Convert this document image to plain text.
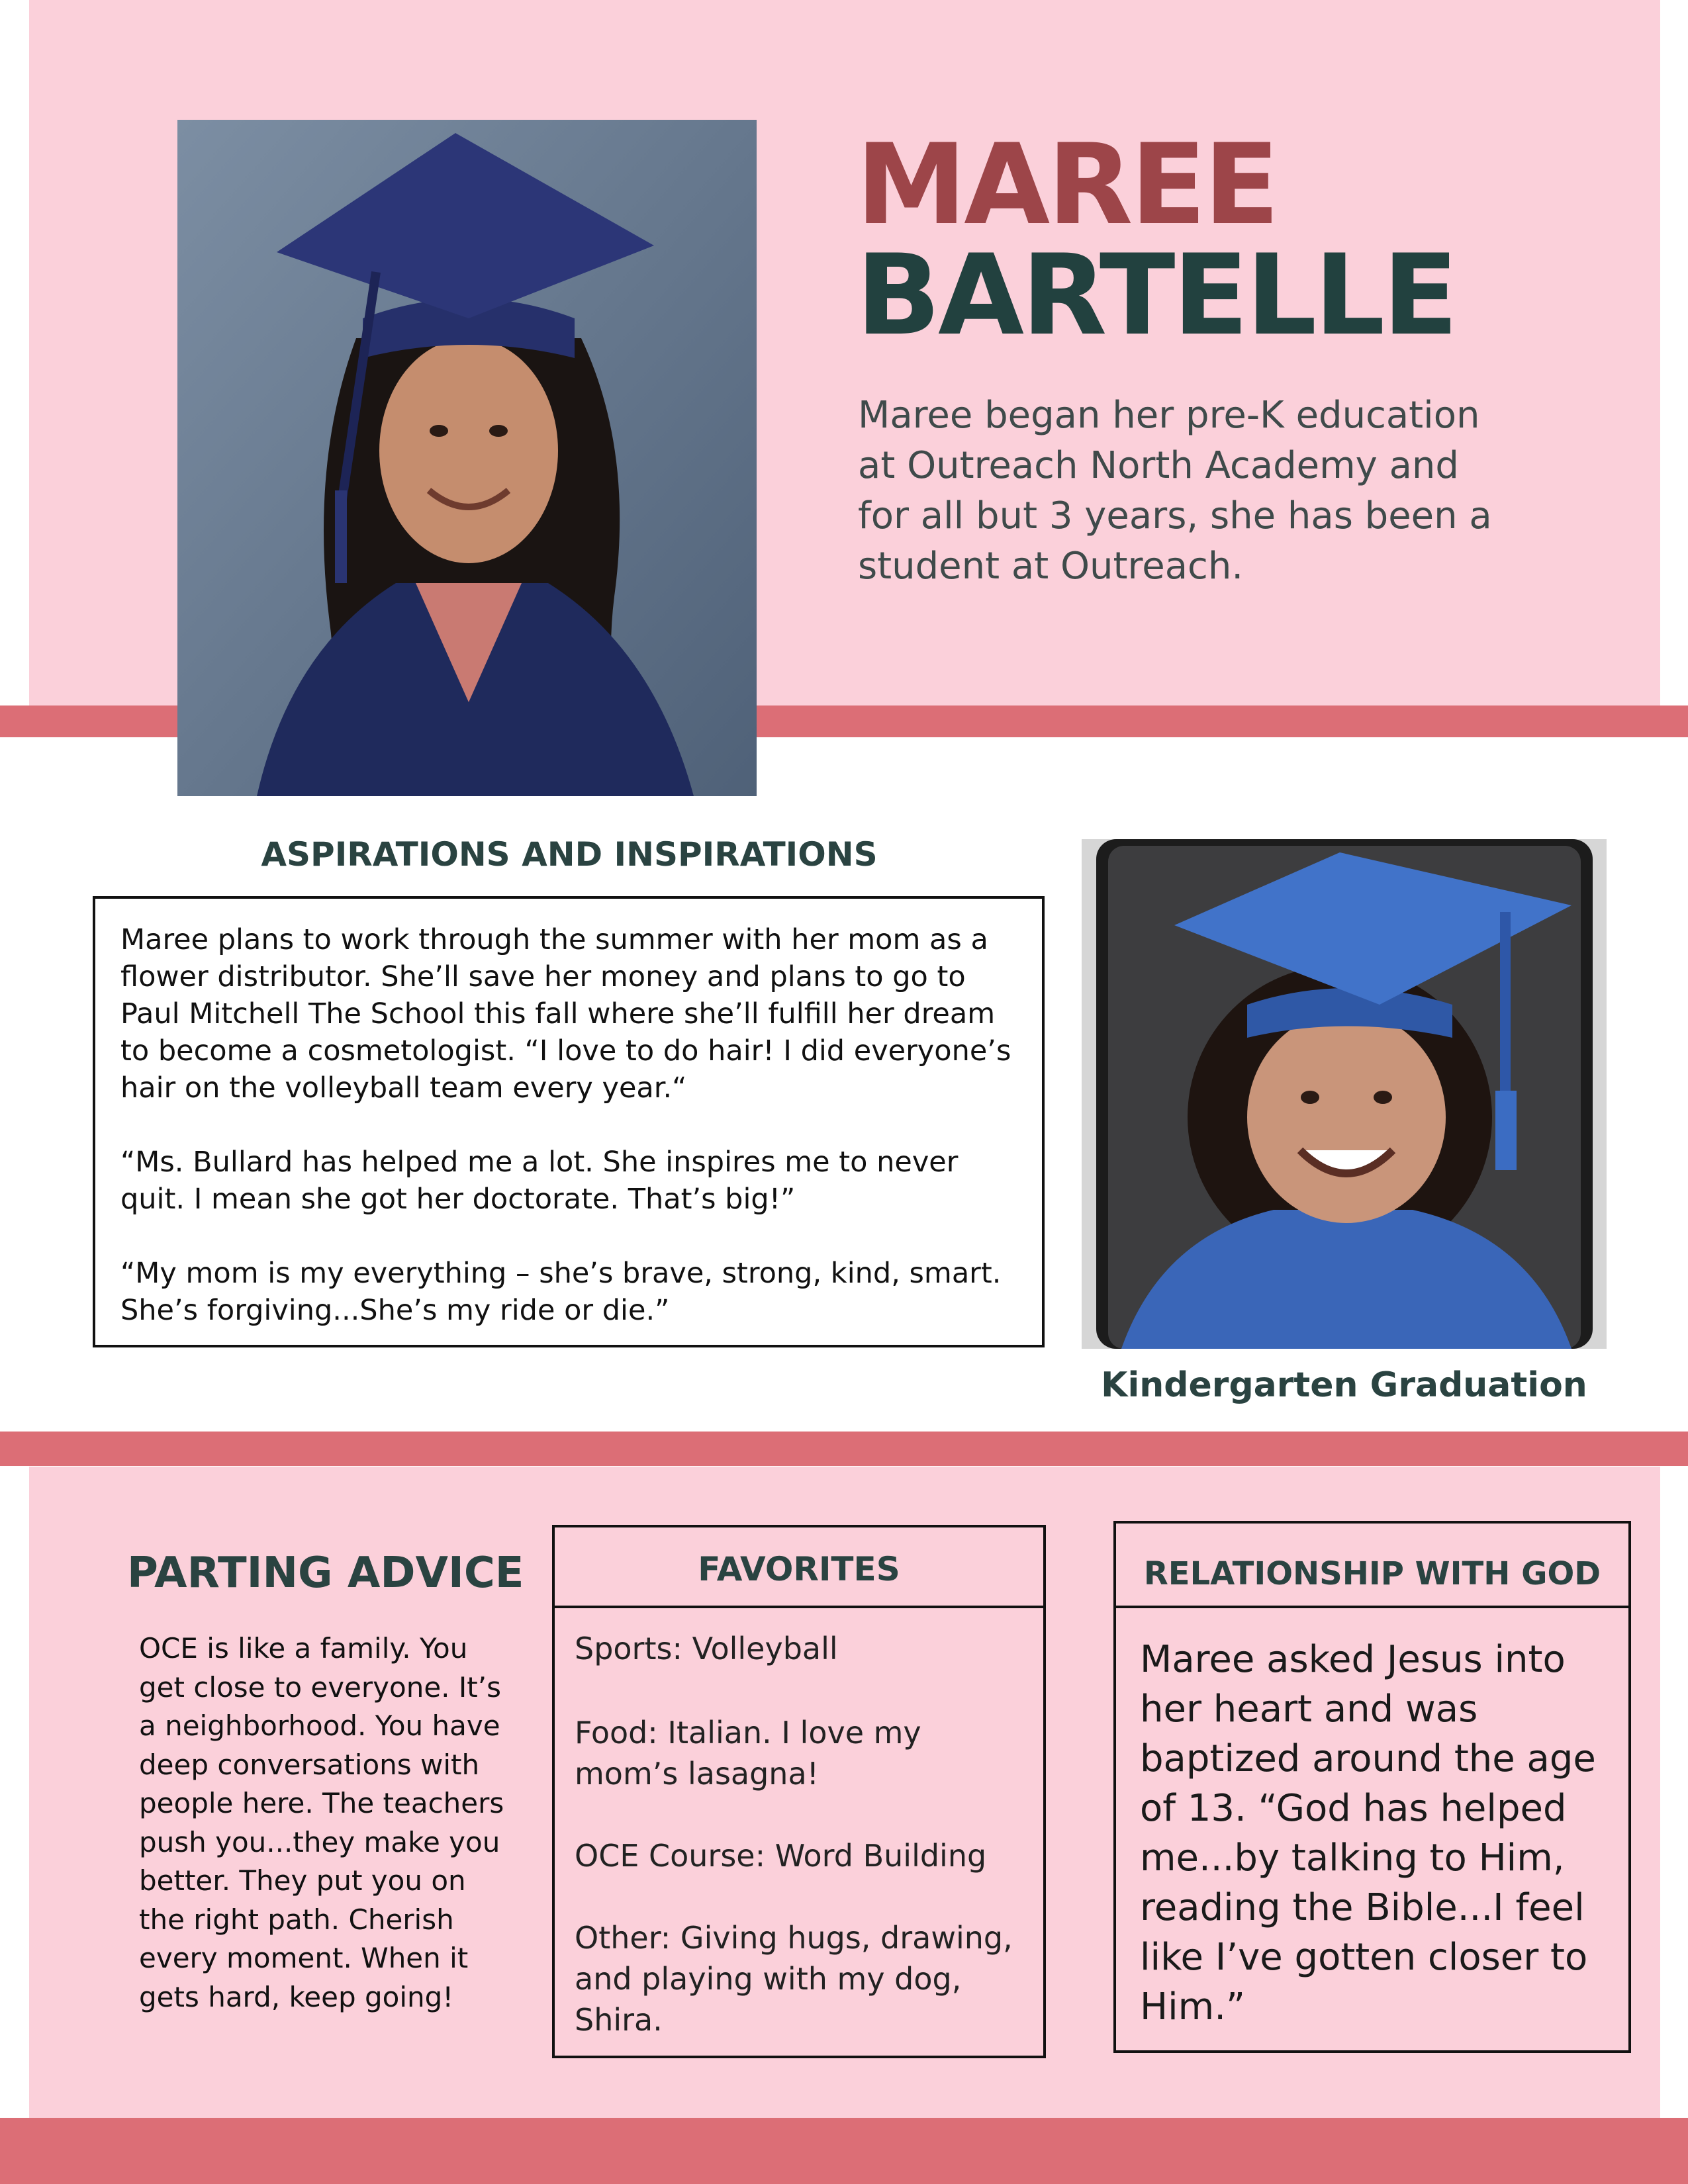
MAREE
BARTELLE
Maree began her pre-K education at Outreach North Academy and for all but 3 years, she has been a student at Outreach.
ASPIRATIONS AND INSPIRATIONS
Maree plans to work through the summer with her mom as a flower distributor. She’ll save her money and plans to go to Paul Mitchell The School this fall where she’ll fulfill her dream to become a cosmetologist. “I love to do hair! I did everyone’s hair on the volleyball team every year.“
“Ms. Bullard has helped me a lot. She inspires me to never quit. I mean she got her doctorate. That’s big!”
“My mom is my everything – she’s brave, strong, kind, smart. She’s forgiving...She’s my ride or die.”
Kindergarten Graduation
PARTING ADVICE
OCE is like a family. You get close to everyone. It’s a neighborhood. You have deep conversations with people here. The teachers push you...they make you better. They put you on the right path. Cherish every moment. When it gets hard, keep going!
FAVORITES
Sports: Volleyball
Food: Italian. I love my mom’s lasagna!
OCE Course: Word Building
Other: Giving hugs, drawing, and playing with my dog, Shira.
RELATIONSHIP WITH GOD
Maree asked Jesus into her heart and was baptized around the age of 13. “God has helped me...by talking to Him, reading the Bible...I feel like I’ve gotten closer to Him.”
